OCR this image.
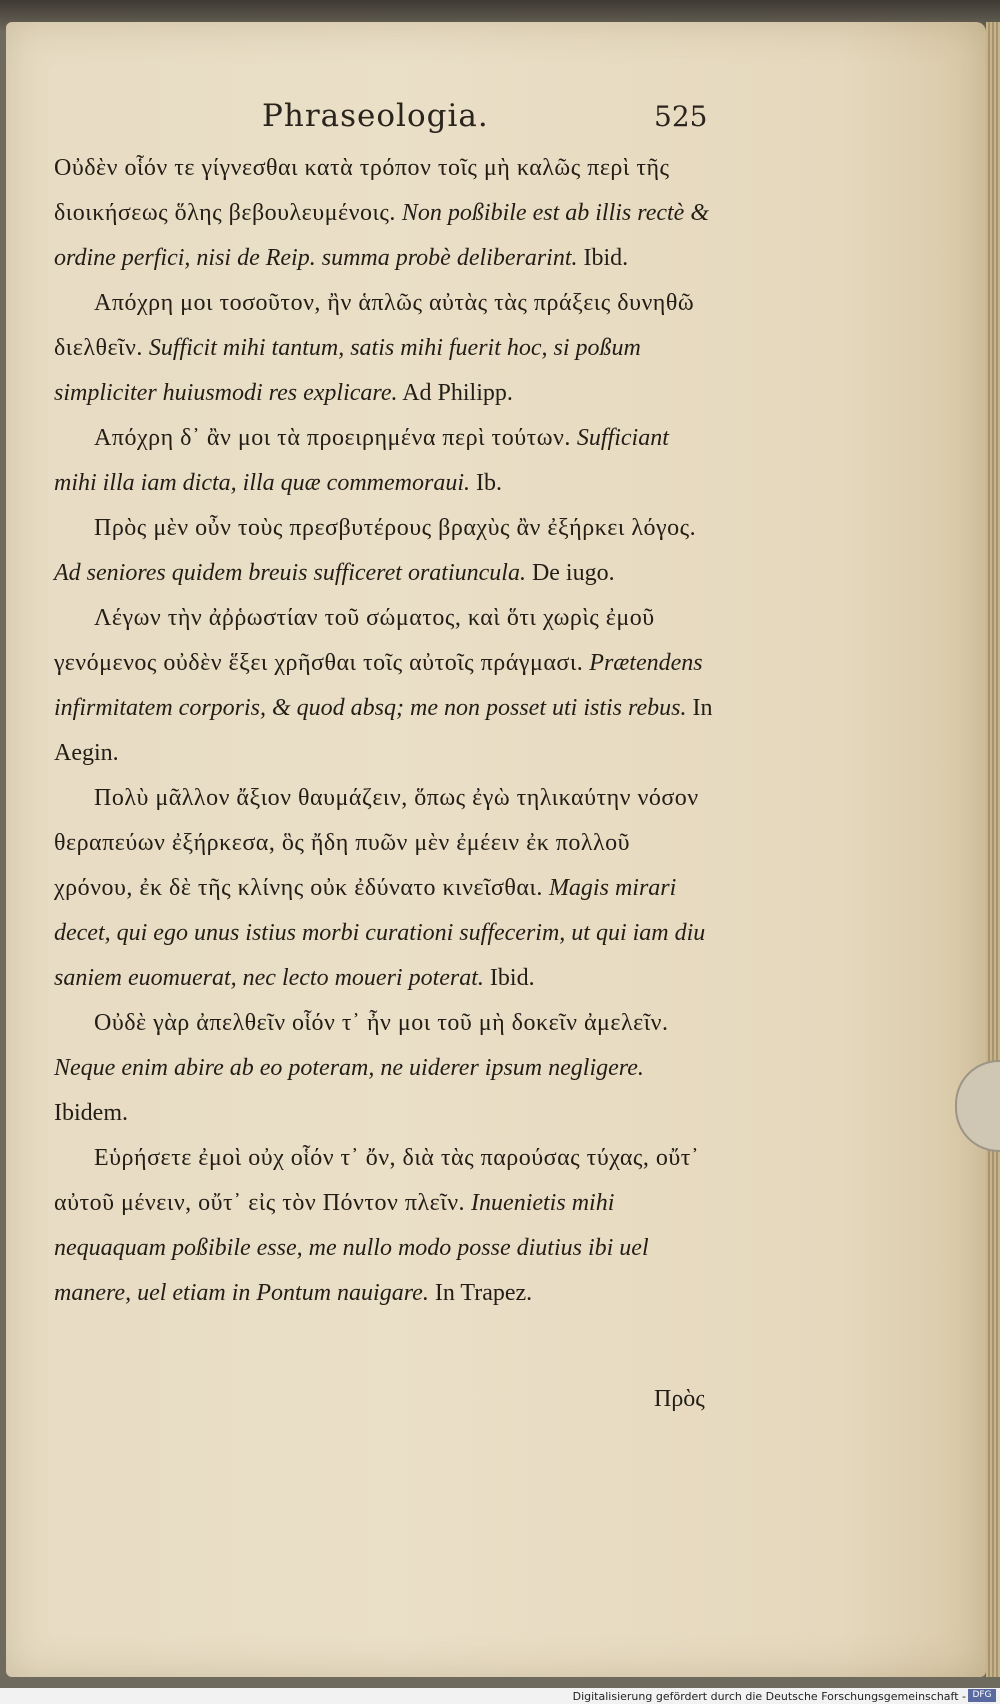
Phraseologia.	525

Οὐδὲν οἷόν τε γίγνεσθαι κατὰ τρόπον τοῖς μὴ καλῶς περὶ τῆς διοικήσεως ὅλης βεβουλευμένοις. Non poßibile est ab illis rectè & ordine perfici, nisi de Reip. summa probè deliberarint. Ibid.

Απόχρη μοι τοσοῦτον, ἢν ἁπλῶς αὐτὰς τὰς πράξεις δυνηθῶ διελθεῖν. Sufficit mihi tantum, satis mihi fuerit hoc, si poßum simpliciter huiusmodi res explicare. Ad Philipp.

Απόχρη δ᾽ ἂν μοι τὰ προειρημένα περὶ τούτων. Sufficiant mihi illa iam dicta, illa quæ commemoraui. Ib.

Πρὸς μὲν οὖν τοὺς πρεσβυτέρους βραχὺς ἂν ἐξήρκει λόγος. Ad seniores quidem breuis sufficeret oratiuncula. De iugo.

Λέγων τὴν ἀῤῥωστίαν τοῦ σώματος, καὶ ὅτι χωρὶς ἐμοῦ γενόμενος οὐδὲν ἕξει χρῆσθαι τοῖς αὐτοῖς πράγμασι. Prætendens infirmitatem corporis, & quod absq; me non posset uti istis rebus. In Aegin.

Πολὺ μᾶλλον ἄξιον θαυμάζειν, ὅπως ἐγὼ τηλικαύτην νόσον θεραπεύων ἐξήρκεσα, ὃς ἤδη πυῶν μὲν ἐμέειν ἐκ πολλοῦ χρόνου, ἐκ δὲ τῆς κλίνης οὐκ ἐδύνατο κινεῖσθαι. Magis mirari decet, qui ego unus istius morbi curationi suffecerim, ut qui iam diu saniem euomuerat, nec lecto moueri poterat. Ibid.

Οὐδὲ γὰρ ἀπελθεῖν οἷόν τ᾽ ἦν μοι τοῦ μὴ δοκεῖν ἀμελεῖν. Neque enim abire ab eo poteram, ne uiderer ipsum negligere. Ibidem.

Εὑρήσετε ἐμοὶ οὐχ οἷόν τ᾽ ὄν, διὰ τὰς παρούσας τύχας, οὔτ᾽ αὐτοῦ μένειν, οὔτ᾽ εἰς τὸν Πόντον πλεῖν. Inuenietis mihi nequaquam poßibile esse, me nullo modo posse diutius ibi uel manere, uel etiam in Pontum nauigare. In Trapez.

Πρὸς
Digitalisierung gefördert durch die Deutsche Forschungsgemeinschaft - DFG
